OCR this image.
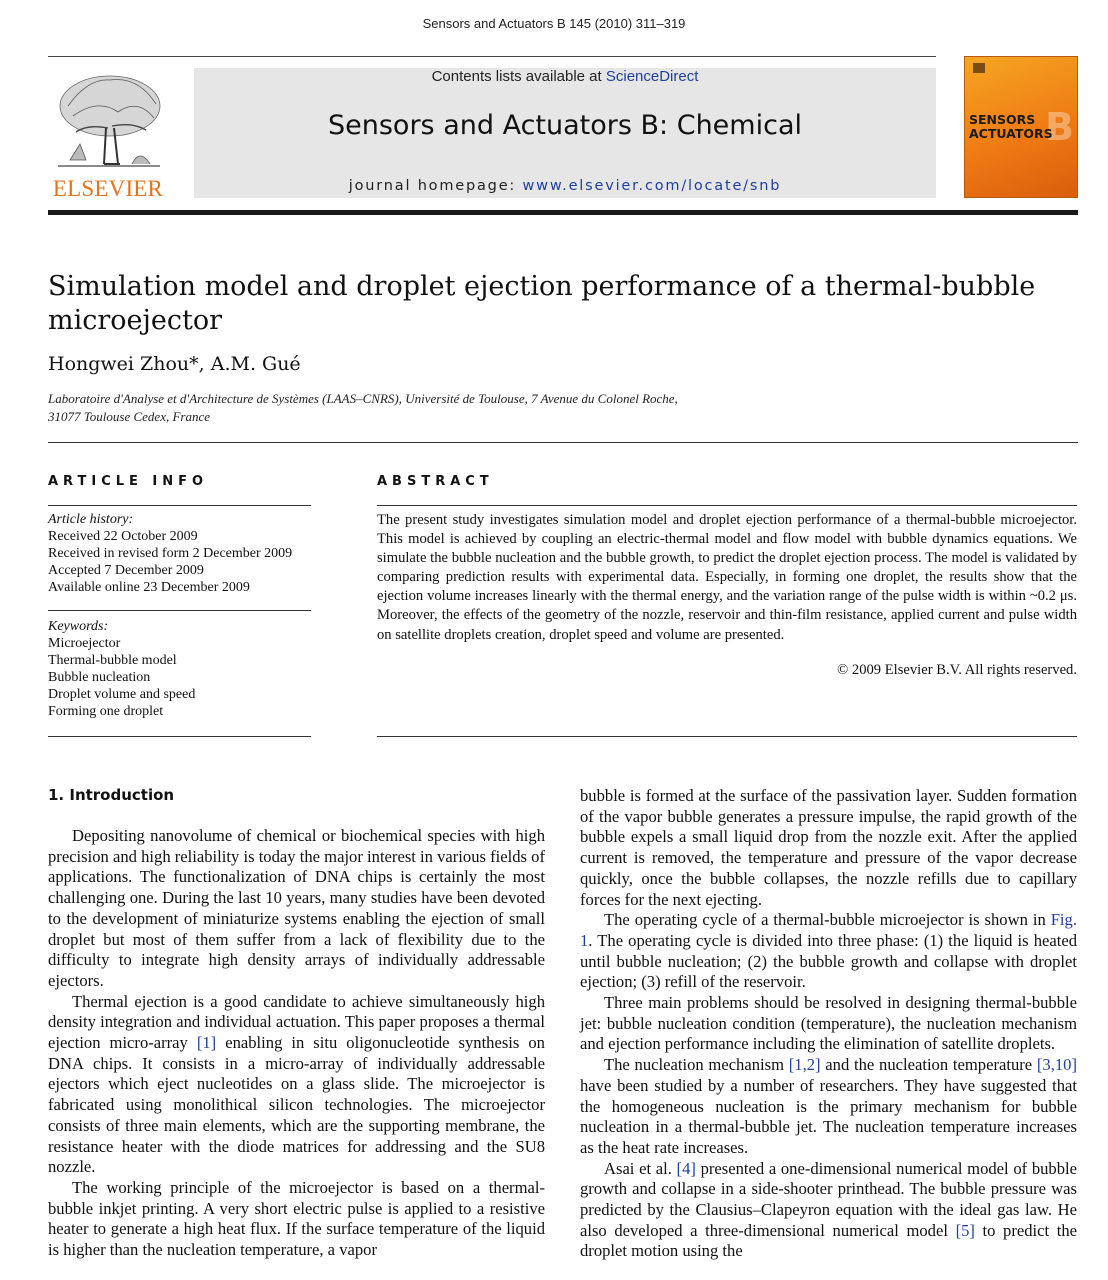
Sensors and Actuators B 145 (2010) 311–319
ELSEVIER
Contents lists available at ScienceDirect
Sensors and Actuators B: Chemical
journal homepage: www.elsevier.com/locate/snb
B
SENSORS
ACTUATORS
Simulation model and droplet ejection performance of a thermal-bubble microejector
Hongwei Zhou*, A.M. Gué
Laboratoire d'Analyse et d'Architecture de Systèmes (LAAS–CNRS), Université de Toulouse, 7 Avenue du Colonel Roche,
31077 Toulouse Cedex, France
ARTICLE INFO
Article history:
Received 22 October 2009
Received in revised form 2 December 2009
Accepted 7 December 2009
Available online 23 December 2009
Keywords:
Microejector
Thermal-bubble model
Bubble nucleation
Droplet volume and speed
Forming one droplet
ABSTRACT
The present study investigates simulation model and droplet ejection performance of a thermal-bubble microejector. This model is achieved by coupling an electric-thermal model and flow model with bubble dynamics equations. We simulate the bubble nucleation and the bubble growth, to predict the droplet ejection process. The model is validated by comparing prediction results with experimental data. Especially, in forming one droplet, the results show that the ejection volume increases linearly with the thermal energy, and the variation range of the pulse width is within ~0.2 μs. Moreover, the effects of the geometry of the nozzle, reservoir and thin-film resistance, applied current and pulse width on satellite droplets creation, droplet speed and volume are presented.
© 2009 Elsevier B.V. All rights reserved.
1. Introduction

Depositing nanovolume of chemical or biochemical species with high precision and high reliability is today the major interest in various fields of applications. The functionalization of DNA chips is certainly the most challenging one. During the last 10 years, many studies have been devoted to the development of miniaturize systems enabling the ejection of small droplet but most of them suffer from a lack of flexibility due to the difficulty to integrate high density arrays of individually addressable ejectors.

Thermal ejection is a good candidate to achieve simultaneously high density integration and individual actuation. This paper proposes a thermal ejection micro-array [1] enabling in situ oligonucleotide synthesis on DNA chips. It consists in a micro-array of individually addressable ejectors which eject nucleotides on a glass slide. The microejector is fabricated using monolithical silicon technologies. The microejector consists of three main elements, which are the supporting membrane, the resistance heater with the diode matrices for addressing and the SU8 nozzle.

The working principle of the microejector is based on a thermal-bubble inkjet printing. A very short electric pulse is applied to a resistive heater to generate a high heat flux. If the surface temperature of the liquid is higher than the nucleation temperature, a vapor

bubble is formed at the surface of the passivation layer. Sudden formation of the vapor bubble generates a pressure impulse, the rapid growth of the bubble expels a small liquid drop from the nozzle exit. After the applied current is removed, the temperature and pressure of the vapor decrease quickly, once the bubble collapses, the nozzle refills due to capillary forces for the next ejecting.

The operating cycle of a thermal-bubble microejector is shown in Fig. 1. The operating cycle is divided into three phase: (1) the liquid is heated until bubble nucleation; (2) the bubble growth and collapse with droplet ejection; (3) refill of the reservoir.

Three main problems should be resolved in designing thermal-bubble jet: bubble nucleation condition (temperature), the nucleation mechanism and ejection performance including the elimination of satellite droplets.

The nucleation mechanism [1,2] and the nucleation temperature [3,10] have been studied by a number of researchers. They have suggested that the homogeneous nucleation is the primary mechanism for bubble nucleation in a thermal-bubble jet. The nucleation temperature increases as the heat rate increases.

Asai et al. [4] presented a one-dimensional numerical model of bubble growth and collapse in a side-shooter printhead. The bubble pressure was predicted by the Clausius–Clapeyron equation with the ideal gas law. He also developed a three-dimensional numerical model [5] to predict the droplet motion using the
